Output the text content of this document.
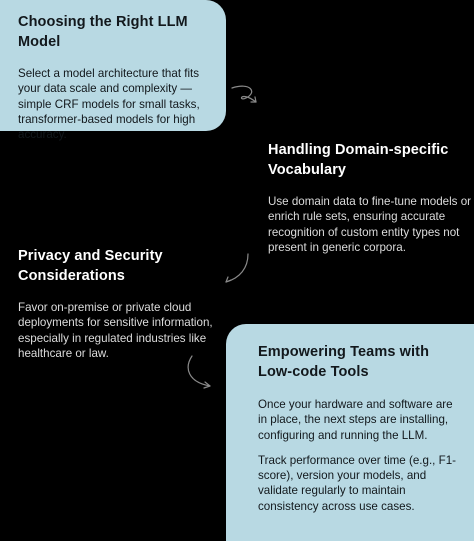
Choosing the Right LLM Model

Select a model architecture that fits your data scale and complexity — simple CRF models for small tasks, transformer-based models for high accuracy.

Handling Domain-specific Vocabulary

Use domain data to fine-tune models or enrich rule sets, ensuring accurate recognition of custom entity types not present in generic corpora.

Privacy and Security Considerations

Favor on-premise or private cloud deployments for sensitive information, especially in regulated industries like healthcare or law.	Empowering Teams with Low-code Tools

Once your hardware and software are in place, the next steps are installing, configuring and running the LLM.

Track performance over time (e.g., F1-score), version your models, and validate regularly to maintain consistency across use cases.
